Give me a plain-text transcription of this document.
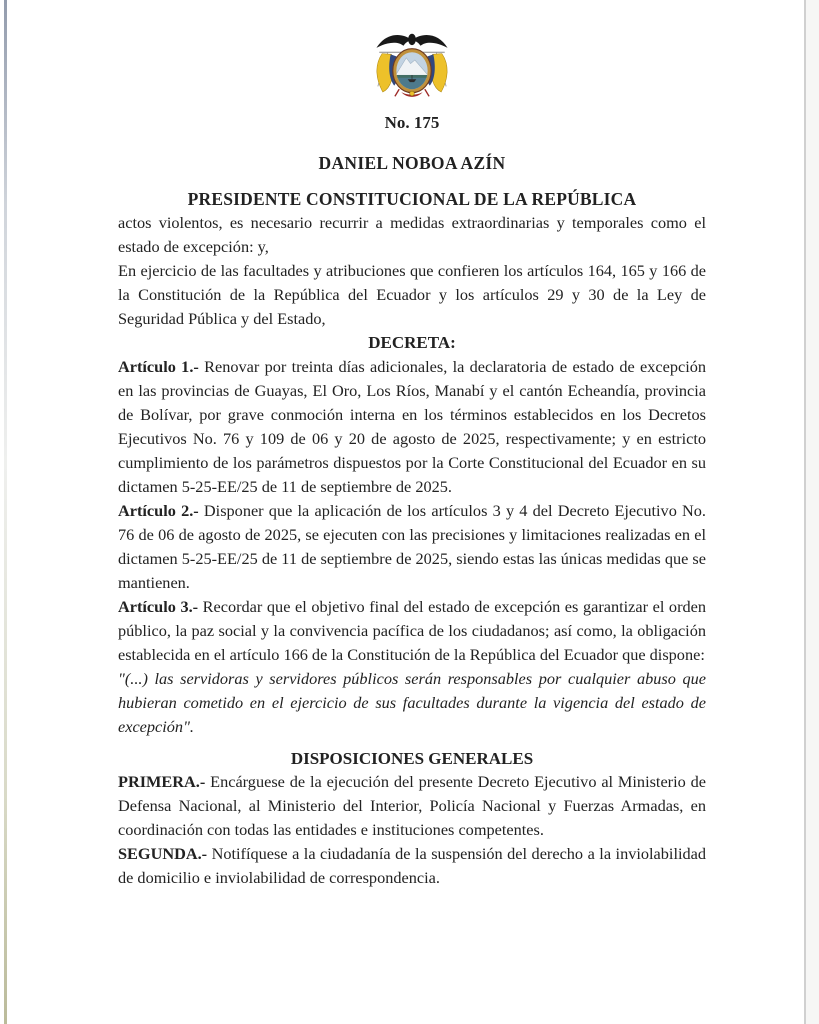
No. 175
DANIEL NOBOA AZÍN
PRESIDENTE CONSTITUCIONAL DE LA REPÚBLICA

actos violentos, es necesario recurrir a medidas extraordinarias y temporales como el estado de excepción: y,

En ejercicio de las facultades y atribuciones que confieren los artículos 164, 165 y 166 de la Constitución de la República del Ecuador y los artículos 29 y 30 de la Ley de Seguridad Pública y del Estado,

DECRETA:

Artículo 1.- Renovar por treinta días adicionales, la declaratoria de estado de excepción en las provincias de Guayas, El Oro, Los Ríos, Manabí y el cantón Echeandía, provincia de Bolívar, por grave conmoción interna en los términos establecidos en los Decretos Ejecutivos No. 76 y 109 de 06 y 20 de agosto de 2025, respectivamente; y en estricto cumplimiento de los parámetros dispuestos por la Corte Constitucional del Ecuador en su dictamen 5-25-EE/25 de 11 de septiembre de 2025.

Artículo 2.- Disponer que la aplicación de los artículos 3 y 4 del Decreto Ejecutivo No. 76 de 06 de agosto de 2025, se ejecuten con las precisiones y limitaciones realizadas en el dictamen 5-25-EE/25 de 11 de septiembre de 2025, siendo estas las únicas medidas que se mantienen.

Artículo 3.- Recordar que el objetivo final del estado de excepción es garantizar el orden público, la paz social y la convivencia pacífica de los ciudadanos; así como, la obligación establecida en el artículo 166 de la Constitución de la República del Ecuador que dispone:
"(...) las servidoras y servidores públicos serán responsables por cualquier abuso que hubieran cometido en el ejercicio de sus facultades durante la vigencia del estado de excepción".

DISPOSICIONES GENERALES

PRIMERA.- Encárguese de la ejecución del presente Decreto Ejecutivo al Ministerio de Defensa Nacional, al Ministerio del Interior, Policía Nacional y Fuerzas Armadas, en coordinación con todas las entidades e instituciones competentes.

SEGUNDA.- Notifíquese a la ciudadanía de la suspensión del derecho a la inviolabilidad de domicilio e inviolabilidad de correspondencia.
